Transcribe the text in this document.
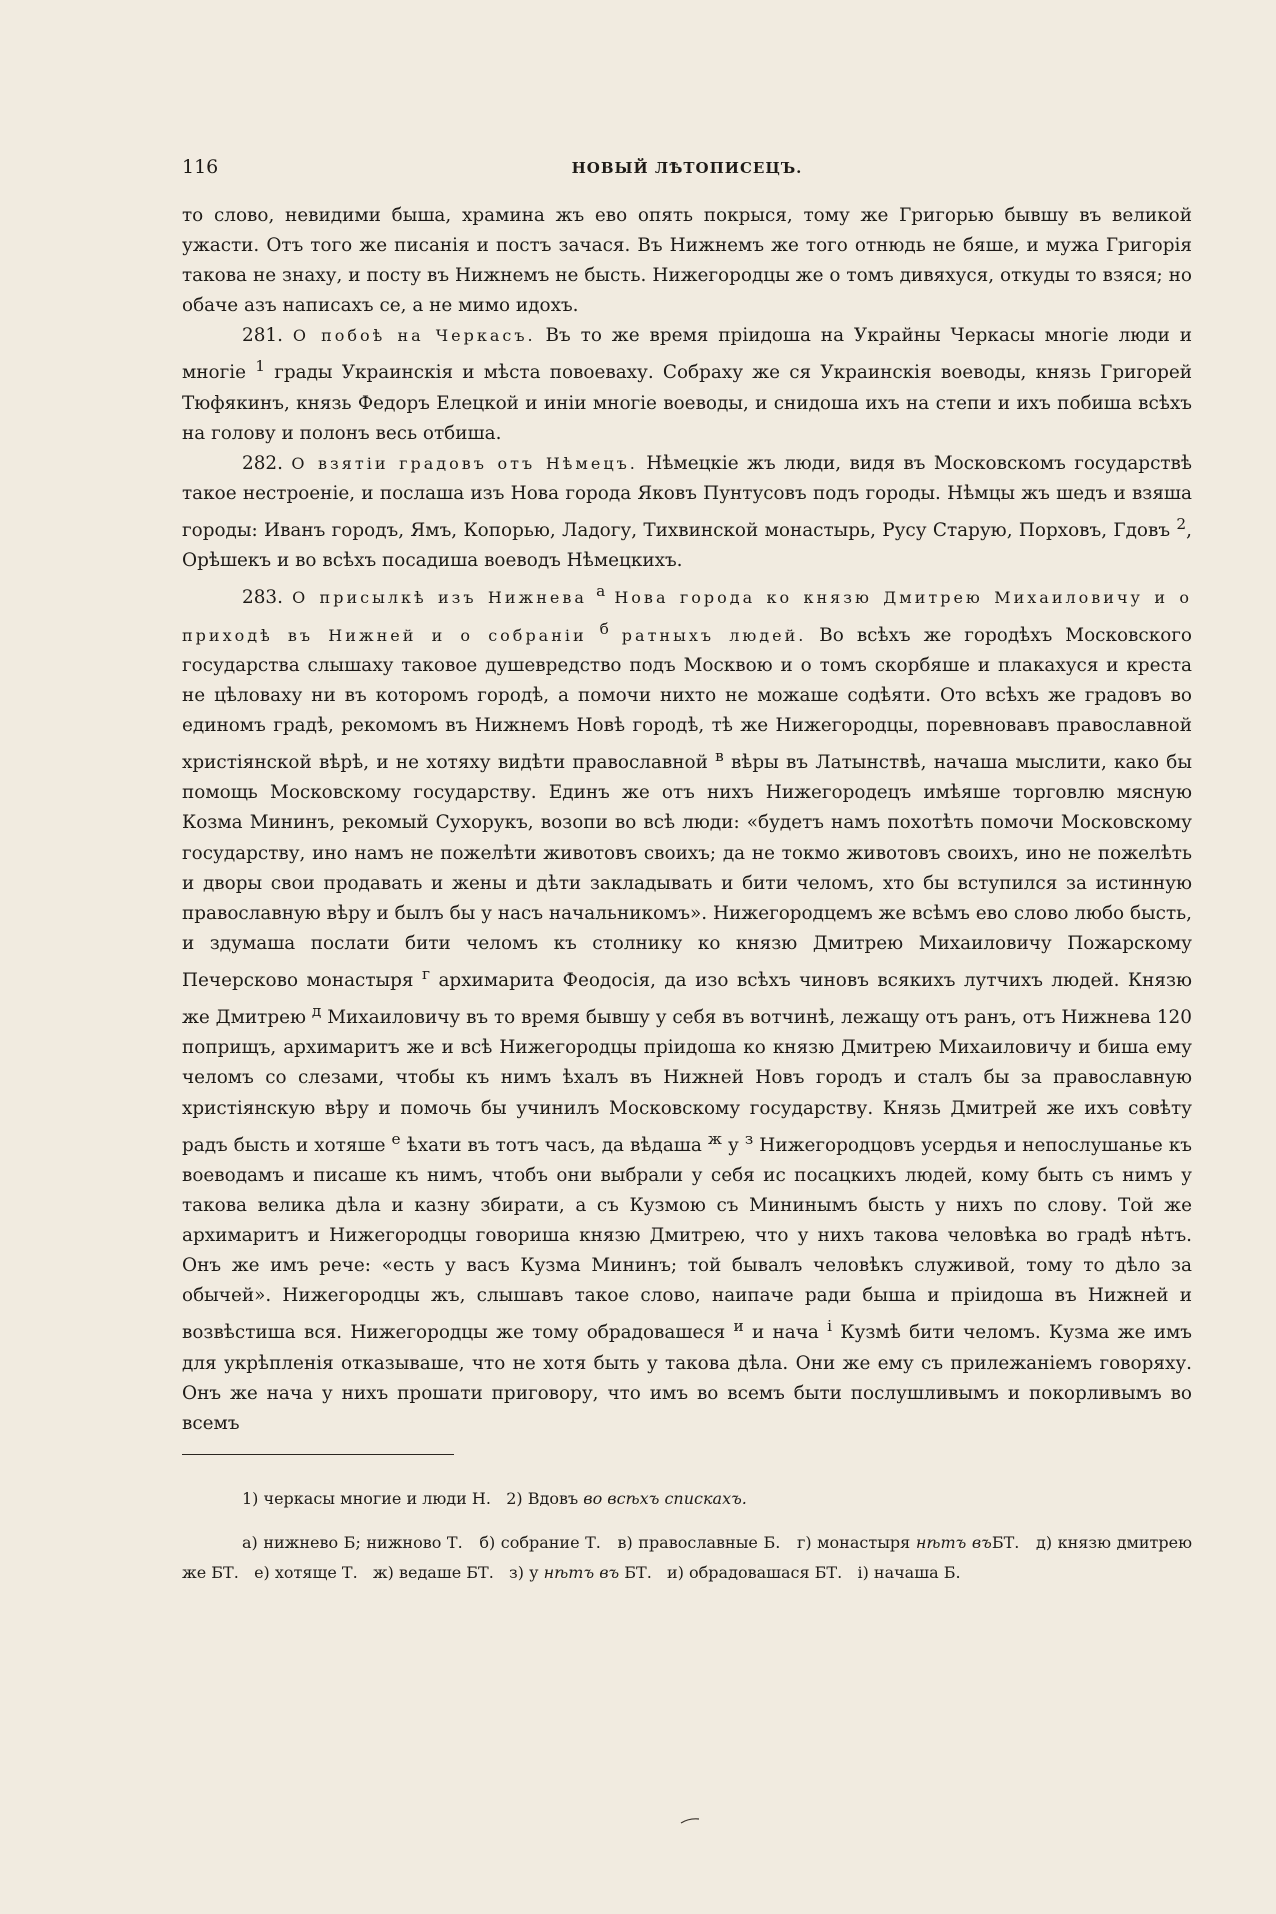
116	НОВЫЙ ЛѢТОПИСЕЦЪ.

то слово, невидими быша, храмина жъ ево опять покрыся, тому же Григорью бывшу въ великой ужасти. Отъ того же писанія и постъ зачася. Въ Нижнемъ же того отнюдь не бяше, и мужа Григорія такова не знаху, и посту въ Нижнемъ не бысть. Нижегородцы же о томъ дивяхуся, откуды то взяся; но обаче азъ написахъ се, а не мимо идохъ.

281. О побоѣ на Черкасъ. Въ то же время пріидоша на Украйны Черкасы многіе люди и многіе $^1$ грады Украинскія и мѣста повоеваху. Собраху же ся Украинскія воеводы, князь Григорей Тюфякинъ, князь Федоръ Елецкой и иніи многіе воеводы, и снидоша ихъ на степи и ихъ побиша всѣхъ на голову и полонъ весь отбиша.

282. О взятіи градовъ отъ Нѣмецъ. Нѣмецкіе жъ люди, видя въ Московскомъ государствѣ такое нестроеніе, и послаша изъ Нова города Яковъ Пунтусовъ подъ городы. Нѣмцы жъ шедъ и взяша городы: Иванъ городъ, Ямъ, Копорью, Ладогу, Тихвинской монастырь, Русу Старую, Порховъ, Гдовъ $^2$, Орѣшекъ и во всѣхъ посадиша воеводъ Нѣмецкихъ.

283. О присылкѣ изъ Нижнева $^а$ Нова города ко князю Дмитрею Михаиловичу и о приходѣ въ Нижней и о собраніи $^б$ ратныхъ людей. Во всѣхъ же городѣхъ Московского государства слышаху таковое душевредство подъ Москвою и о томъ скорбяше и плакахуся и креста не цѣловаху ни въ которомъ городѣ, а помочи нихто не можаше содѣяти. Ото всѣхъ же градовъ во единомъ градѣ, рекомомъ въ Нижнемъ Новѣ городѣ, тѣ же Нижегородцы, поревновавъ православной христіянской вѣрѣ, и не хотяху видѣти православной $^в$ вѣры въ Латынствѣ, начаша мыслити, како бы помощь Московскому государству. Единъ же отъ нихъ Нижегородецъ имѣяше торговлю мясную Козма Мининъ, рекомый Сухорукъ, возопи во всѣ люди: «будетъ намъ похотѣть помочи Московскому государству, ино намъ не пожелѣти животовъ своихъ; да не токмо животовъ своихъ, ино не пожелѣть и дворы свои продавать и жены и дѣти закладывать и бити челомъ, хто бы вступился за истинную православную вѣру и былъ бы у насъ начальникомъ». Нижегородцемъ же всѣмъ ево слово любо бысть, и здумаша послати бити челомъ къ столнику ко князю Дмитрею Михаиловичу Пожарскому Печерсково монастыря $^г$ архимарита Феодосія, да изо всѣхъ чиновъ всякихъ лутчихъ людей. Князю же Дмитрею $^д$ Михаиловичу въ то время бывшу у себя въ вотчинѣ, лежащу отъ ранъ, отъ Нижнева 120 поприщъ, архимаритъ же и всѣ Нижегородцы пріидоша ко князю Дмитрею Михаиловичу и биша ему челомъ со слезами, чтобы къ нимъ ѣхалъ въ Нижней Новъ городъ и сталъ бы за православную христіянскую вѣру и помочь бы учинилъ Московскому государству. Князь Дмитрей же ихъ совѣту радъ бысть и хотяше $^е$ ѣхати въ тотъ часъ, да вѣдаша $^ж$ у $^з$ Нижегородцовъ усердья и непослушанье къ воеводамъ и писаше къ нимъ, чтобъ они выбрали у себя ис посацкихъ людей, кому быть съ нимъ у такова велика дѣла и казну збирати, а съ Кузмою съ Мининымъ бысть у нихъ по слову. Той же архимаритъ и Нижегородцы говориша князю Дмитрею, что у нихъ такова человѣка во градѣ нѣтъ. Онъ же имъ рече: «есть у васъ Кузма Мининъ; той бывалъ человѣкъ служивой, тому то дѣло за обычей». Нижегородцы жъ, слышавъ такое слово, наипаче ради быша и пріидоша въ Нижней и возвѣстиша вся. Нижегородцы же тому обрадовашеся $^и$ и нача $^і$ Кузмѣ бити челомъ. Кузма же имъ для укрѣпленія отказываше, что не хотя быть у такова дѣла. Они же ему съ прилежаніемъ говоряху. Онъ же нача у нихъ прошати приговору, что имъ во всемъ быти послушливымъ и покорливымъ во всемъ

1) черкасы многие и люди Н. 2) Вдовъ во всѣхъ спискахъ.
а) нижнево Б; нижново Т. б) собрание Т. в) православные Б. г) монастыря нѣтъ въБТ. д) князю дмитрею же БТ. е) хотяще Т. ж) ведаше БТ. з) у нѣтъ въ БТ. и) обрадовашася БТ. і) начаша Б.
